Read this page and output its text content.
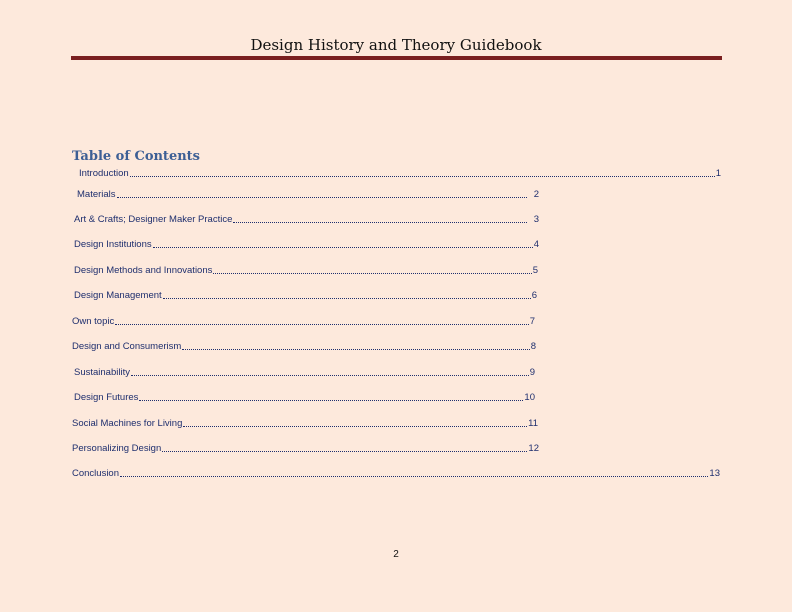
Design History and Theory Guidebook
Table of Contents
Introduction	1
Materials	2
Art & Crafts; Designer Maker Practice	3
Design Institutions	4
Design Methods and Innovations	5
Design Management	6
Own topic	7
Design and Consumerism	8
Sustainability	9
Design Futures	10
Social Machines for Living	11
Personalizing Design	12
Conclusion	13
2
